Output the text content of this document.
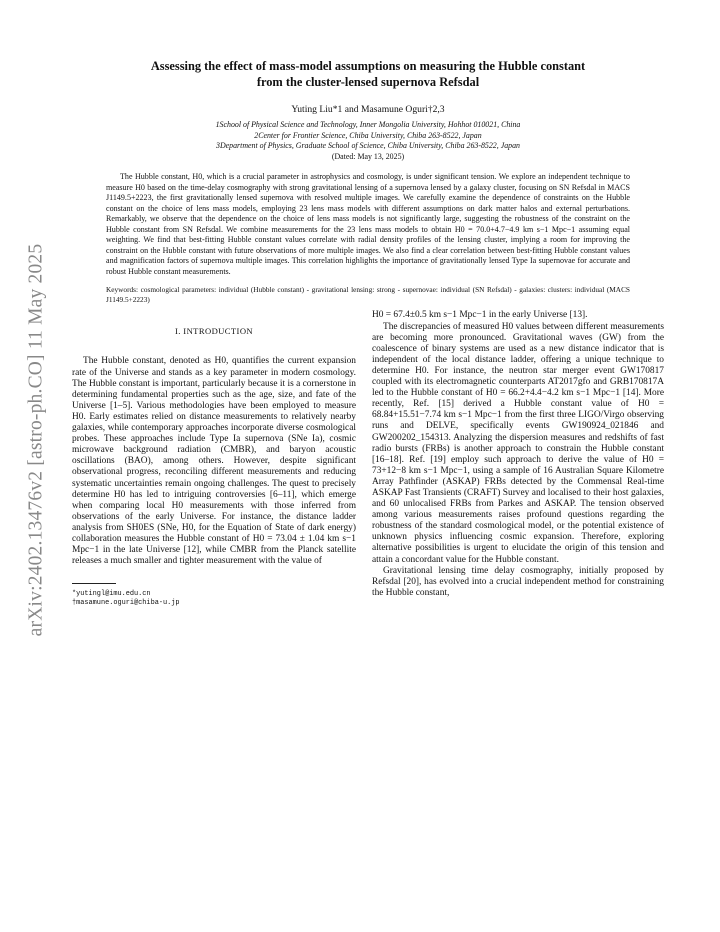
arXiv:2402.13476v2 [astro-ph.CO] 11 May 2025
Assessing the effect of mass-model assumptions on measuring the Hubble constant
from the cluster-lensed supernova Refsdal
Yuting Liu*1 and Masamune Oguri†2,3
1School of Physical Science and Technology, Inner Mongolia University, Hohhot 010021, China
2Center for Frontier Science, Chiba University, Chiba 263-8522, Japan
3Department of Physics, Graduate School of Science, Chiba University, Chiba 263-8522, Japan
(Dated: May 13, 2025)

The Hubble constant, H0, which is a crucial parameter in astrophysics and cosmology, is under significant tension. We explore an independent technique to measure H0 based on the time-delay cosmography with strong gravitational lensing of a supernova lensed by a galaxy cluster, focusing on SN Refsdal in MACS J1149.5+2223, the first gravitationally lensed supernova with resolved multiple images. We carefully examine the dependence of constraints on the Hubble constant on the choice of lens mass models, employing 23 lens mass models with different assumptions on dark matter halos and external perturbations. Remarkably, we observe that the dependence on the choice of lens mass models is not significantly large, suggesting the robustness of the constraint on the Hubble constant from SN Refsdal. We combine measurements for the 23 lens mass models to obtain H0 = 70.0+4.7−4.9 km s−1 Mpc−1 assuming equal weighting. We find that best-fitting Hubble constant values correlate with radial density profiles of the lensing cluster, implying a room for improving the constraint on the Hubble constant with future observations of more multiple images. We also find a clear correlation between best-fitting Hubble constant values and magnification factors of supernova multiple images. This correlation highlights the importance of gravitationally lensed Type Ia supernovae for accurate and robust Hubble constant measurements.

Keywords: cosmological parameters: individual (Hubble constant) - gravitational lensing: strong - supernovae: individual (SN Refsdal) - galaxies: clusters: individual (MACS J1149.5+2223)

I. INTRODUCTION

The Hubble constant, denoted as H0, quantifies the current expansion rate of the Universe and stands as a key parameter in modern cosmology. The Hubble constant is important, particularly because it is a cornerstone in determining fundamental properties such as the age, size, and fate of the Universe [1–5]. Various methodologies have been employed to measure H0. Early estimates relied on distance measurements to relatively nearby galaxies, while contemporary approaches incorporate diverse cosmological probes. These approaches include Type Ia supernova (SNe Ia), cosmic microwave background radiation (CMBR), and baryon acoustic oscillations (BAO), among others. However, despite significant observational progress, reconciling different measurements and reducing systematic uncertainties remain ongoing challenges. The quest to precisely determine H0 has led to intriguing controversies [6–11], which emerge when comparing local H0 measurements with those inferred from observations of the early Universe. For instance, the distance ladder analysis from SH0ES (SNe, H0, for the Equation of State of dark energy) collaboration measures the Hubble constant of H0 = 73.04 ± 1.04 km s−1 Mpc−1 in the late Universe [12], while CMBR from the Planck satellite releases a much smaller and tighter measurement with the value of

*yutingl@imu.edu.cn
†masamune.oguri@chiba-u.jp

H0 = 67.4±0.5 km s−1 Mpc−1 in the early Universe [13].

The discrepancies of measured H0 values between different measurements are becoming more pronounced. Gravitational waves (GW) from the coalescence of binary systems are used as a new distance indicator that is independent of the local distance ladder, offering a unique technique to determine H0. For instance, the neutron star merger event GW170817 coupled with its electromagnetic counterparts AT2017gfo and GRB170817A led to the Hubble constant of H0 = 66.2+4.4−4.2 km s−1 Mpc−1 [14]. More recently, Ref. [15] derived a Hubble constant value of H0 = 68.84+15.51−7.74 km s−1 Mpc−1 from the first three LIGO/Virgo observing runs and DELVE, specifically events GW190924_021846 and GW200202_154313. Analyzing the dispersion measures and redshifts of fast radio bursts (FRBs) is another approach to constrain the Hubble constant [16–18]. Ref. [19] employ such approach to derive the value of H0 = 73+12−8 km s−1 Mpc−1, using a sample of 16 Australian Square Kilometre Array Pathfinder (ASKAP) FRBs detected by the Commensal Real-time ASKAP Fast Transients (CRAFT) Survey and localised to their host galaxies, and 60 unlocalised FRBs from Parkes and ASKAP. The tension observed among various measurements raises profound questions regarding the robustness of the standard cosmological model, or the potential existence of unknown physics influencing cosmic expansion. Therefore, exploring alternative possibilities is urgent to elucidate the origin of this tension and attain a concordant value for the Hubble constant.

Gravitational lensing time delay cosmography, initially proposed by Refsdal [20], has evolved into a crucial independent method for constraining the Hubble constant,
